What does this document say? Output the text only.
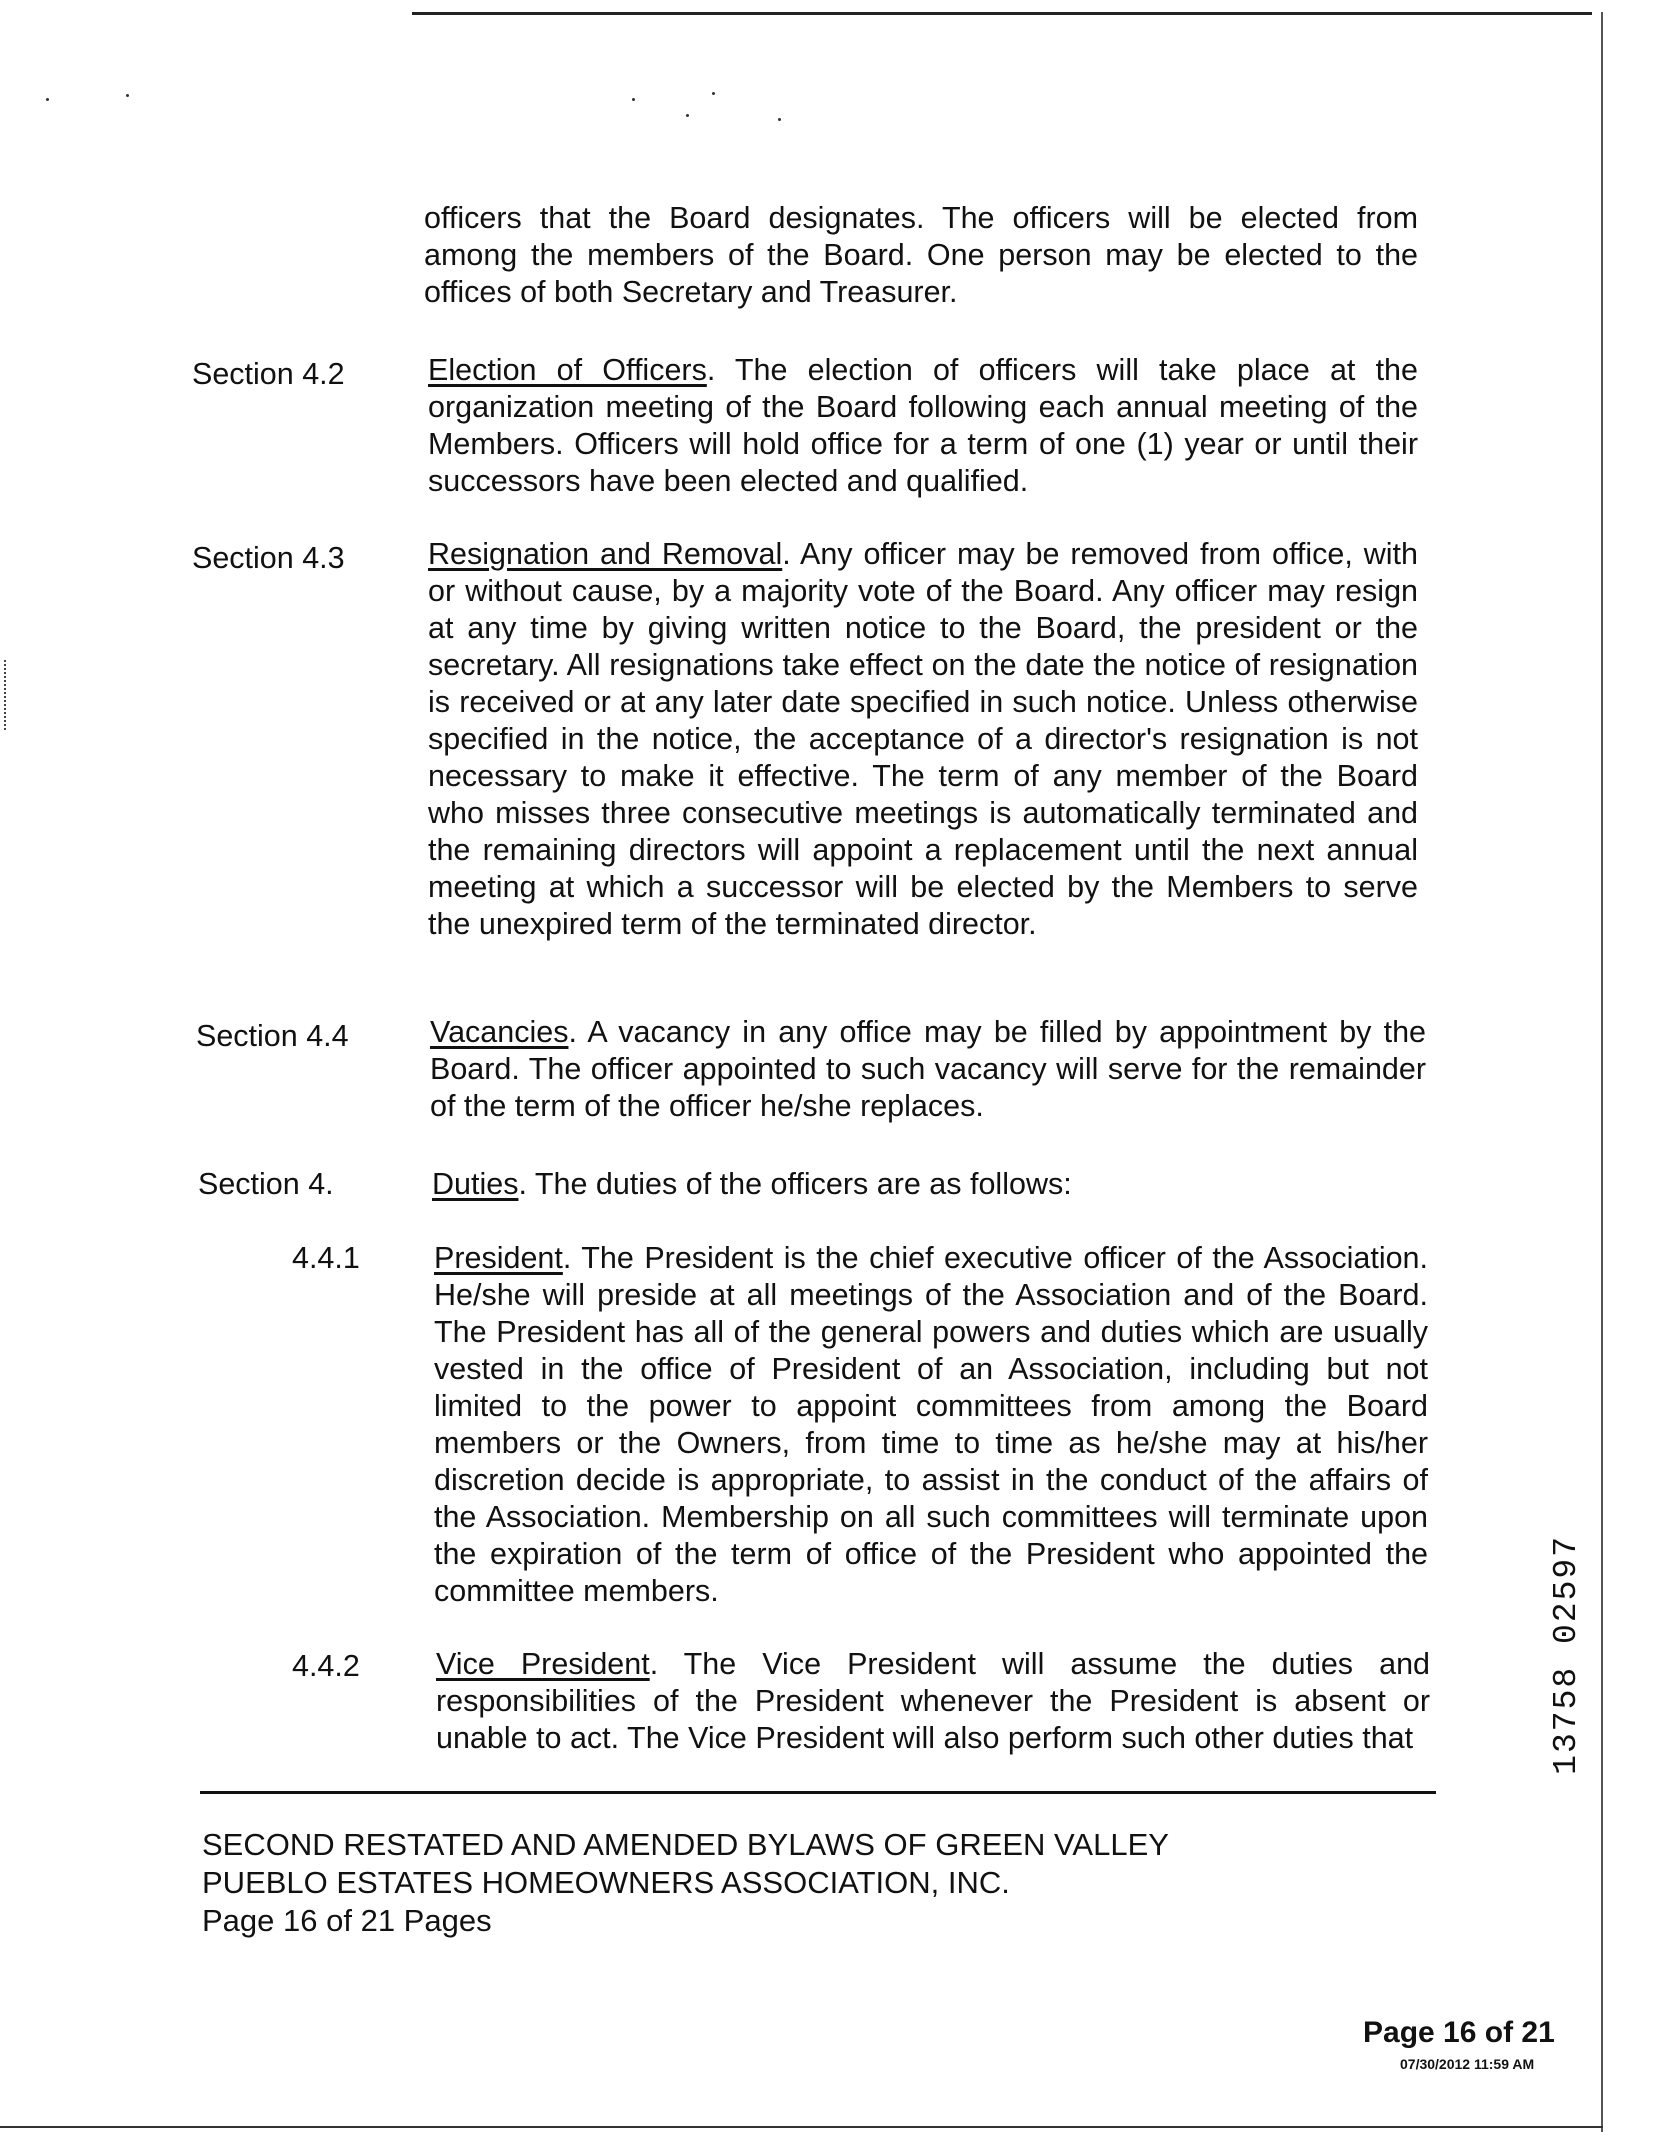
officers that the Board designates. The officers will be elected from among the members of the Board. One person may be elected to the offices of both Secretary and Treasurer.
Section 4.2	Election of Officers. The election of officers will take place at the organization meeting of the Board following each annual meeting of the Members. Officers will hold office for a term of one (1) year or until their successors have been elected and qualified.
Section 4.3	Resignation and Removal. Any officer may be removed from office, with or without cause, by a majority vote of the Board. Any officer may resign at any time by giving written notice to the Board, the president or the secretary. All resignations take effect on the date the notice of resignation is received or at any later date specified in such notice. Unless otherwise specified in the notice, the acceptance of a director's resignation is not necessary to make it effective. The term of any member of the Board who misses three consecutive meetings is automatically terminated and the remaining directors will appoint a replacement until the next annual meeting at which a successor will be elected by the Members to serve the unexpired term of the terminated director.
Section 4.4	Vacancies. A vacancy in any office may be filled by appointment by the Board. The officer appointed to such vacancy will serve for the remainder of the term of the officer he/she replaces.
Section 4.	Duties. The duties of the officers are as follows:
4.4.1 President. The President is the chief executive officer of the Association. He/she will preside at all meetings of the Association and of the Board. The President has all of the general powers and duties which are usually vested in the office of President of an Association, including but not limited to the power to appoint committees from among the Board members or the Owners, from time to time as he/she may at his/her discretion decide is appropriate, to assist in the conduct of the affairs of the Association. Membership on all such committees will terminate upon the expiration of the term of office of the President who appointed the committee members.
4.4.2 Vice President. The Vice President will assume the duties and responsibilities of the President whenever the President is absent or unable to act. The Vice President will also perform such other duties that
SECOND RESTATED AND AMENDED BYLAWS OF GREEN VALLEY
PUEBLO ESTATES HOMEOWNERS ASSOCIATION, INC.
Page 16 of 21 Pages
13758 02597
Page 16 of 21
07/30/2012 11:59 AM
